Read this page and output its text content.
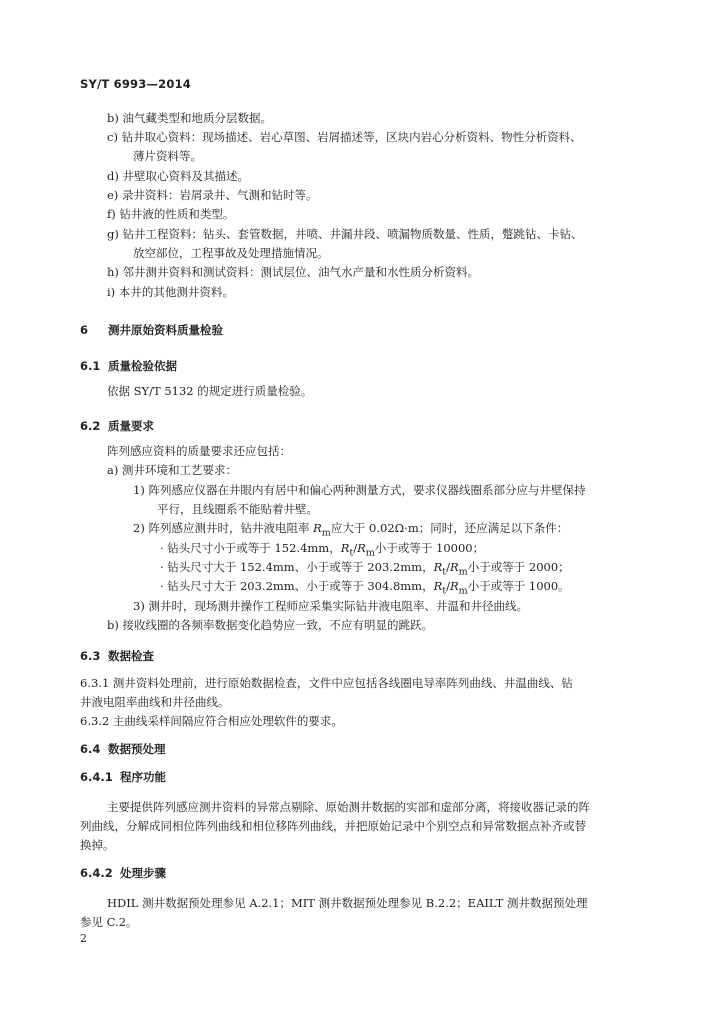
SY/T 6993—2014
b) 油气藏类型和地质分层数据。
c) 钻井取心资料：现场描述、岩心草图、岩屑描述等，区块内岩心分析资料、物性分析资料、
薄片资料等。
d) 井壁取心资料及其描述。
e) 录井资料：岩屑录井、气测和钻时等。
f) 钻井液的性质和类型。
g) 钻井工程资料：钻头、套管数据，井喷、井漏井段、喷漏物质数量、性质，蹩跳钻、卡钻、
放空部位，工程事故及处理措施情况。
h) 邻井测井资料和测试资料：测试层位、油气水产量和水性质分析资料。
i) 本井的其他测井资料。
6 测井原始资料质量检验
6.1 质量检验依据
依据 SY/T 5132 的规定进行质量检验。
6.2 质量要求
阵列感应资料的质量要求还应包括：
a) 测井环境和工艺要求：
1) 阵列感应仪器在井眼内有居中和偏心两种测量方式，要求仪器线圈系部分应与井壁保持
平行，且线圈系不能贴着井壁。
2) 阵列感应测井时，钻井液电阻率 $R_m$应大于 0.02Ω·m；同时，还应满足以下条件：
· 钻头尺寸小于或等于 152.4mm，$R_t/R_m$小于或等于 10000；
· 钻头尺寸大于 152.4mm、小于或等于 203.2mm，$R_t/R_m$小于或等于 2000；
· 钻头尺寸大于 203.2mm、小于或等于 304.8mm，$R_t/R_m$小于或等于 1000。
3) 测井时，现场测井操作工程师应采集实际钻井液电阻率、井温和井径曲线。
b) 接收线圈的各频率数据变化趋势应一致，不应有明显的跳跃。
6.3 数据检查
6.3.1 测井资料处理前，进行原始数据检查，文件中应包括各线圈电导率阵列曲线、井温曲线、钻
井液电阻率曲线和井径曲线。
6.3.2 主曲线采样间隔应符合相应处理软件的要求。
6.4 数据预处理
6.4.1 程序功能
主要提供阵列感应测井资料的异常点剔除、原始测井数据的实部和虚部分离，将接收器记录的阵
列曲线，分解成同相位阵列曲线和相位移阵列曲线，并把原始记录中个别空点和异常数据点补齐或替
换掉。
6.4.2 处理步骤
HDIL 测井数据预处理参见 A.2.1；MIT 测井数据预处理参见 B.2.2；EAILT 测井数据预处理
参见 C.2。
2
